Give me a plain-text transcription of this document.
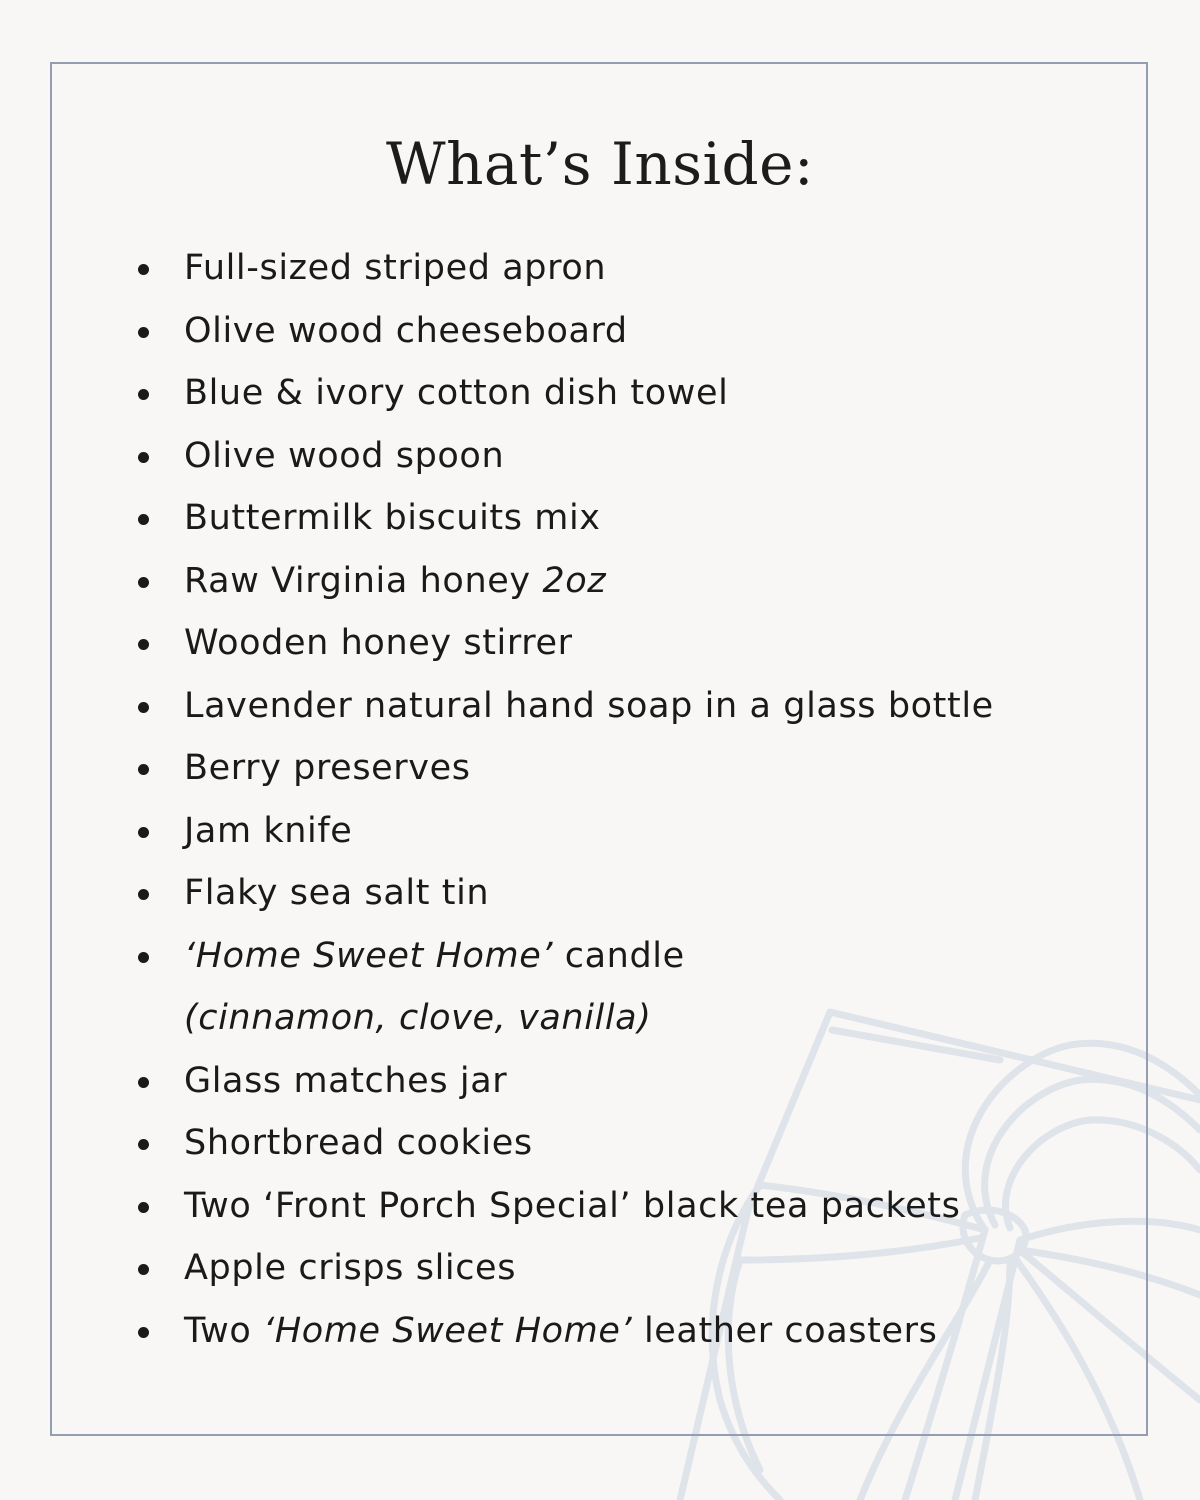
What’s Inside:
Full-sized striped apron
Olive wood cheeseboard
Blue & ivory cotton dish towel
Olive wood spoon
Buttermilk biscuits mix
Raw Virginia honey 2oz
Wooden honey stirrer
Lavender natural hand soap in a glass bottle
Berry preserves
Jam knife
Flaky sea salt tin
‘Home Sweet Home’ candle
(cinnamon, clove, vanilla)
Glass matches jar
Shortbread cookies
Two ‘Front Porch Special’ black tea packets
Apple crisps slices
Two ‘Home Sweet Home’ leather coasters
